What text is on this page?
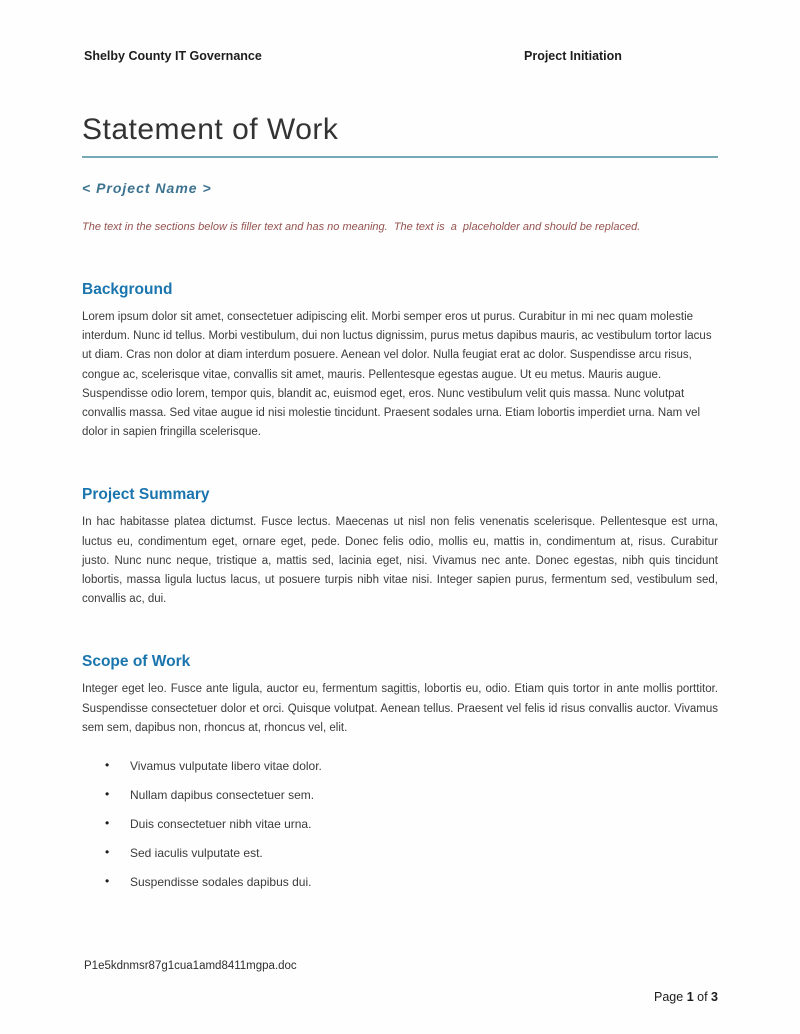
Shelby County IT Governance	Project Initiation
Statement of Work
< Project Name >

The text in the sections below is filler text and has no meaning.  The text is  a  placeholder and should be replaced.

Background

Lorem ipsum dolor sit amet, consectetuer adipiscing elit. Morbi semper eros ut purus. Curabitur in mi nec quam molestie interdum. Nunc id tellus. Morbi vestibulum, dui non luctus dignissim, purus metus dapibus mauris, ac vestibulum tortor lacus ut diam. Cras non dolor at diam interdum posuere. Aenean vel dolor. Nulla feugiat erat ac dolor. Suspendisse arcu risus, congue ac, scelerisque vitae, convallis sit amet, mauris. Pellentesque egestas augue. Ut eu metus. Mauris augue. Suspendisse odio lorem, tempor quis, blandit ac, euismod eget, eros. Nunc vestibulum velit quis massa. Nunc volutpat convallis massa. Sed vitae augue id nisi molestie tincidunt. Praesent sodales urna. Etiam lobortis imperdiet urna. Nam vel dolor in sapien fringilla scelerisque.

Project Summary

In hac habitasse platea dictumst. Fusce lectus. Maecenas ut nisl non felis venenatis scelerisque. Pellentesque est urna, luctus eu, condimentum eget, ornare eget, pede. Donec felis odio, mollis eu, mattis in, condimentum at, risus. Curabitur justo. Nunc nunc neque, tristique a, mattis sed, lacinia eget, nisi. Vivamus nec ante. Donec egestas, nibh quis tincidunt lobortis, massa ligula luctus lacus, ut posuere turpis nibh vitae nisi. Integer sapien purus, fermentum sed, vestibulum sed, convallis ac, dui.

Scope of Work

Integer eget leo. Fusce ante ligula, auctor eu, fermentum sagittis, lobortis eu, odio. Etiam quis tortor in ante mollis porttitor. Suspendisse consectetuer dolor et orci. Quisque volutpat. Aenean tellus. Praesent vel felis id risus convallis auctor. Vivamus sem sem, dapibus non, rhoncus at, rhoncus vel, elit.

• Vivamus vulputate libero vitae dolor.
• Nullam dapibus consectetuer sem.
• Duis consectetuer nibh vitae urna.
• Sed iaculis vulputate est.
• Suspendisse sodales dapibus dui.
P1e5kdnmsr87g1cua1amd8411mgpa.doc
Page 1 of 3
